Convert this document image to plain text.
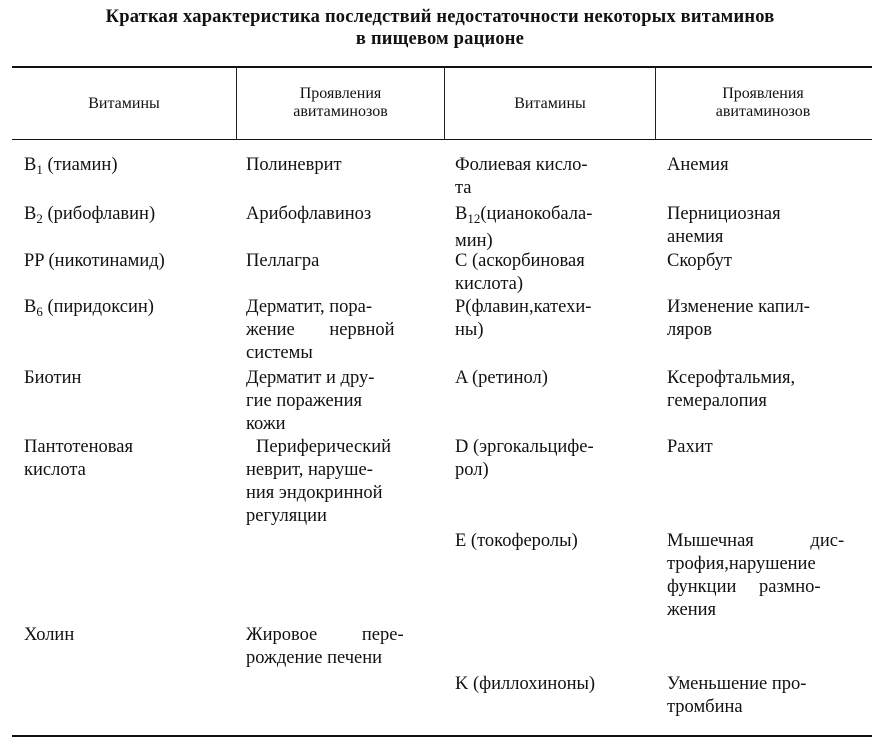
Краткая характеристика последствий недостаточности некоторых витаминов
в пищевом рационе
Витамины
Проявления
авитаминозов	Витамины
Проявления
авитаминозов
$B_1$ (тиамин)
$B_2$ (рибофлавин)
PP (никотинамид)
$B_6$ (пиридоксин)
Биотин
Пантотеновая
кислота
Холин
Полиневрит
Арибофлавиноз
Пеллагра
Дерматит, пора-
жение нервной
системы
Дерматит и дру-
гие поражения
кожи
Периферический
неврит, наруше-
ния эндокринной
регуляции
Жировое пере-
рождение печени
Фолиевая кисло-
та
$B_{12}(цианокобала-$
мин)
C (аскорбиновая
кислота)
P(флавин,катехи-
ны)
A (ретинол)
D (эргокальцифе-
рол)
E (токоферолы)
K (филлохиноны)
Анемия
Пернициозная
анемия
Скорбут
Изменение капил-
ляров
Ксерофтальмия,
гемералопия
Рахит
Мышечная дис-
трофия,нарушение
функции размно-
жения
Уменьшение про-
тромбина
